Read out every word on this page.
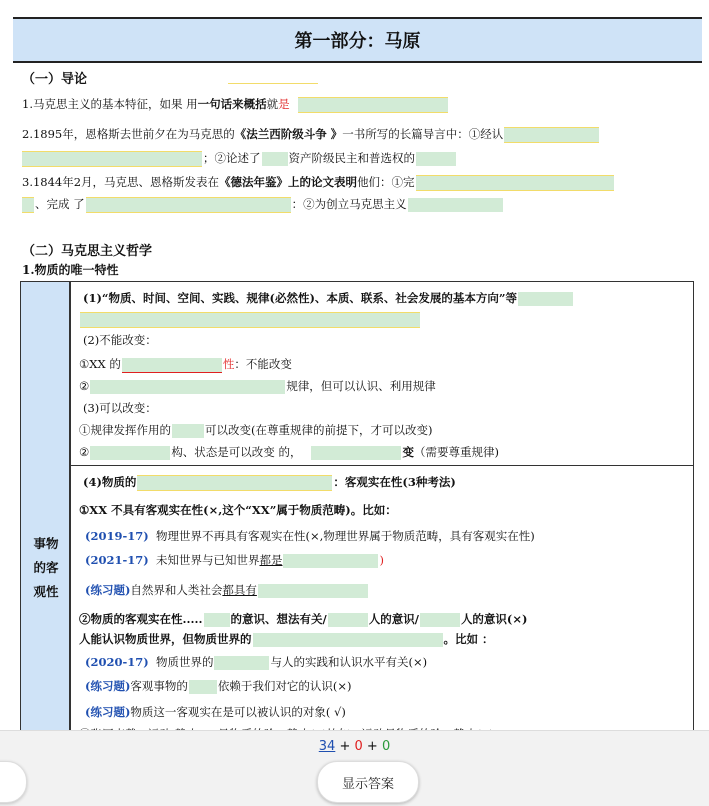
第一部分：马原
（一）导论
1.马克思主义的基本特征，如果 用一句话来概括就是
2.1895年，恩格斯去世前夕在为马克思的《法兰西阶级斗争 》一书所写的长篇导言中：①经认
；②论述了 资产阶级民主和普选权的
3.1844年2月，马克思、恩格斯发表在《德法年鉴》上的论文表明他们：①完
、完成 了	：②为创立马克思主义
（二）马克思主义哲学
1.物质的唯一特性
事物的客观性
(1)“物质、时间、空间、实践、规律(必然性)、本质、联系、社会发展的基本方向”等
(2)不能改变：
①XX 的	性：不能改变
②	规律，但可以认识、利用规律
(3)可以改变：
①规律发挥作用的	可以改变(在尊重规律的前提下，才可以改变)
②	构、状态是可以改变 的，	变（需要尊重规律)
(4)物质的	：客观实在性(3种考法)
①XX 不具有客观实在性(×,这个“XX”属于物质范畴)。比如：
(2019-17) 物理世界不再具有客观实在性(×,物理世界属于物质范畴，具有客观实在性)
(2021-17) 未知世界与已知世界都是	)
(练习题)自然界和人类社会都具有
②物质的客观实在性..... 的意识、想法有关/	人的意识/	人的意识(×)
人能认识物质世界，但物质世界的	。比如 ：
(2020-17) 物质世界的	与人的实践和认识水平有关(×)
(练习题)客观事物的	依赖于我们对它的认识(×)
(练习题)物质这一客观实在是可以被认识的对象( √)
34 + 0 + 0
显示答案
